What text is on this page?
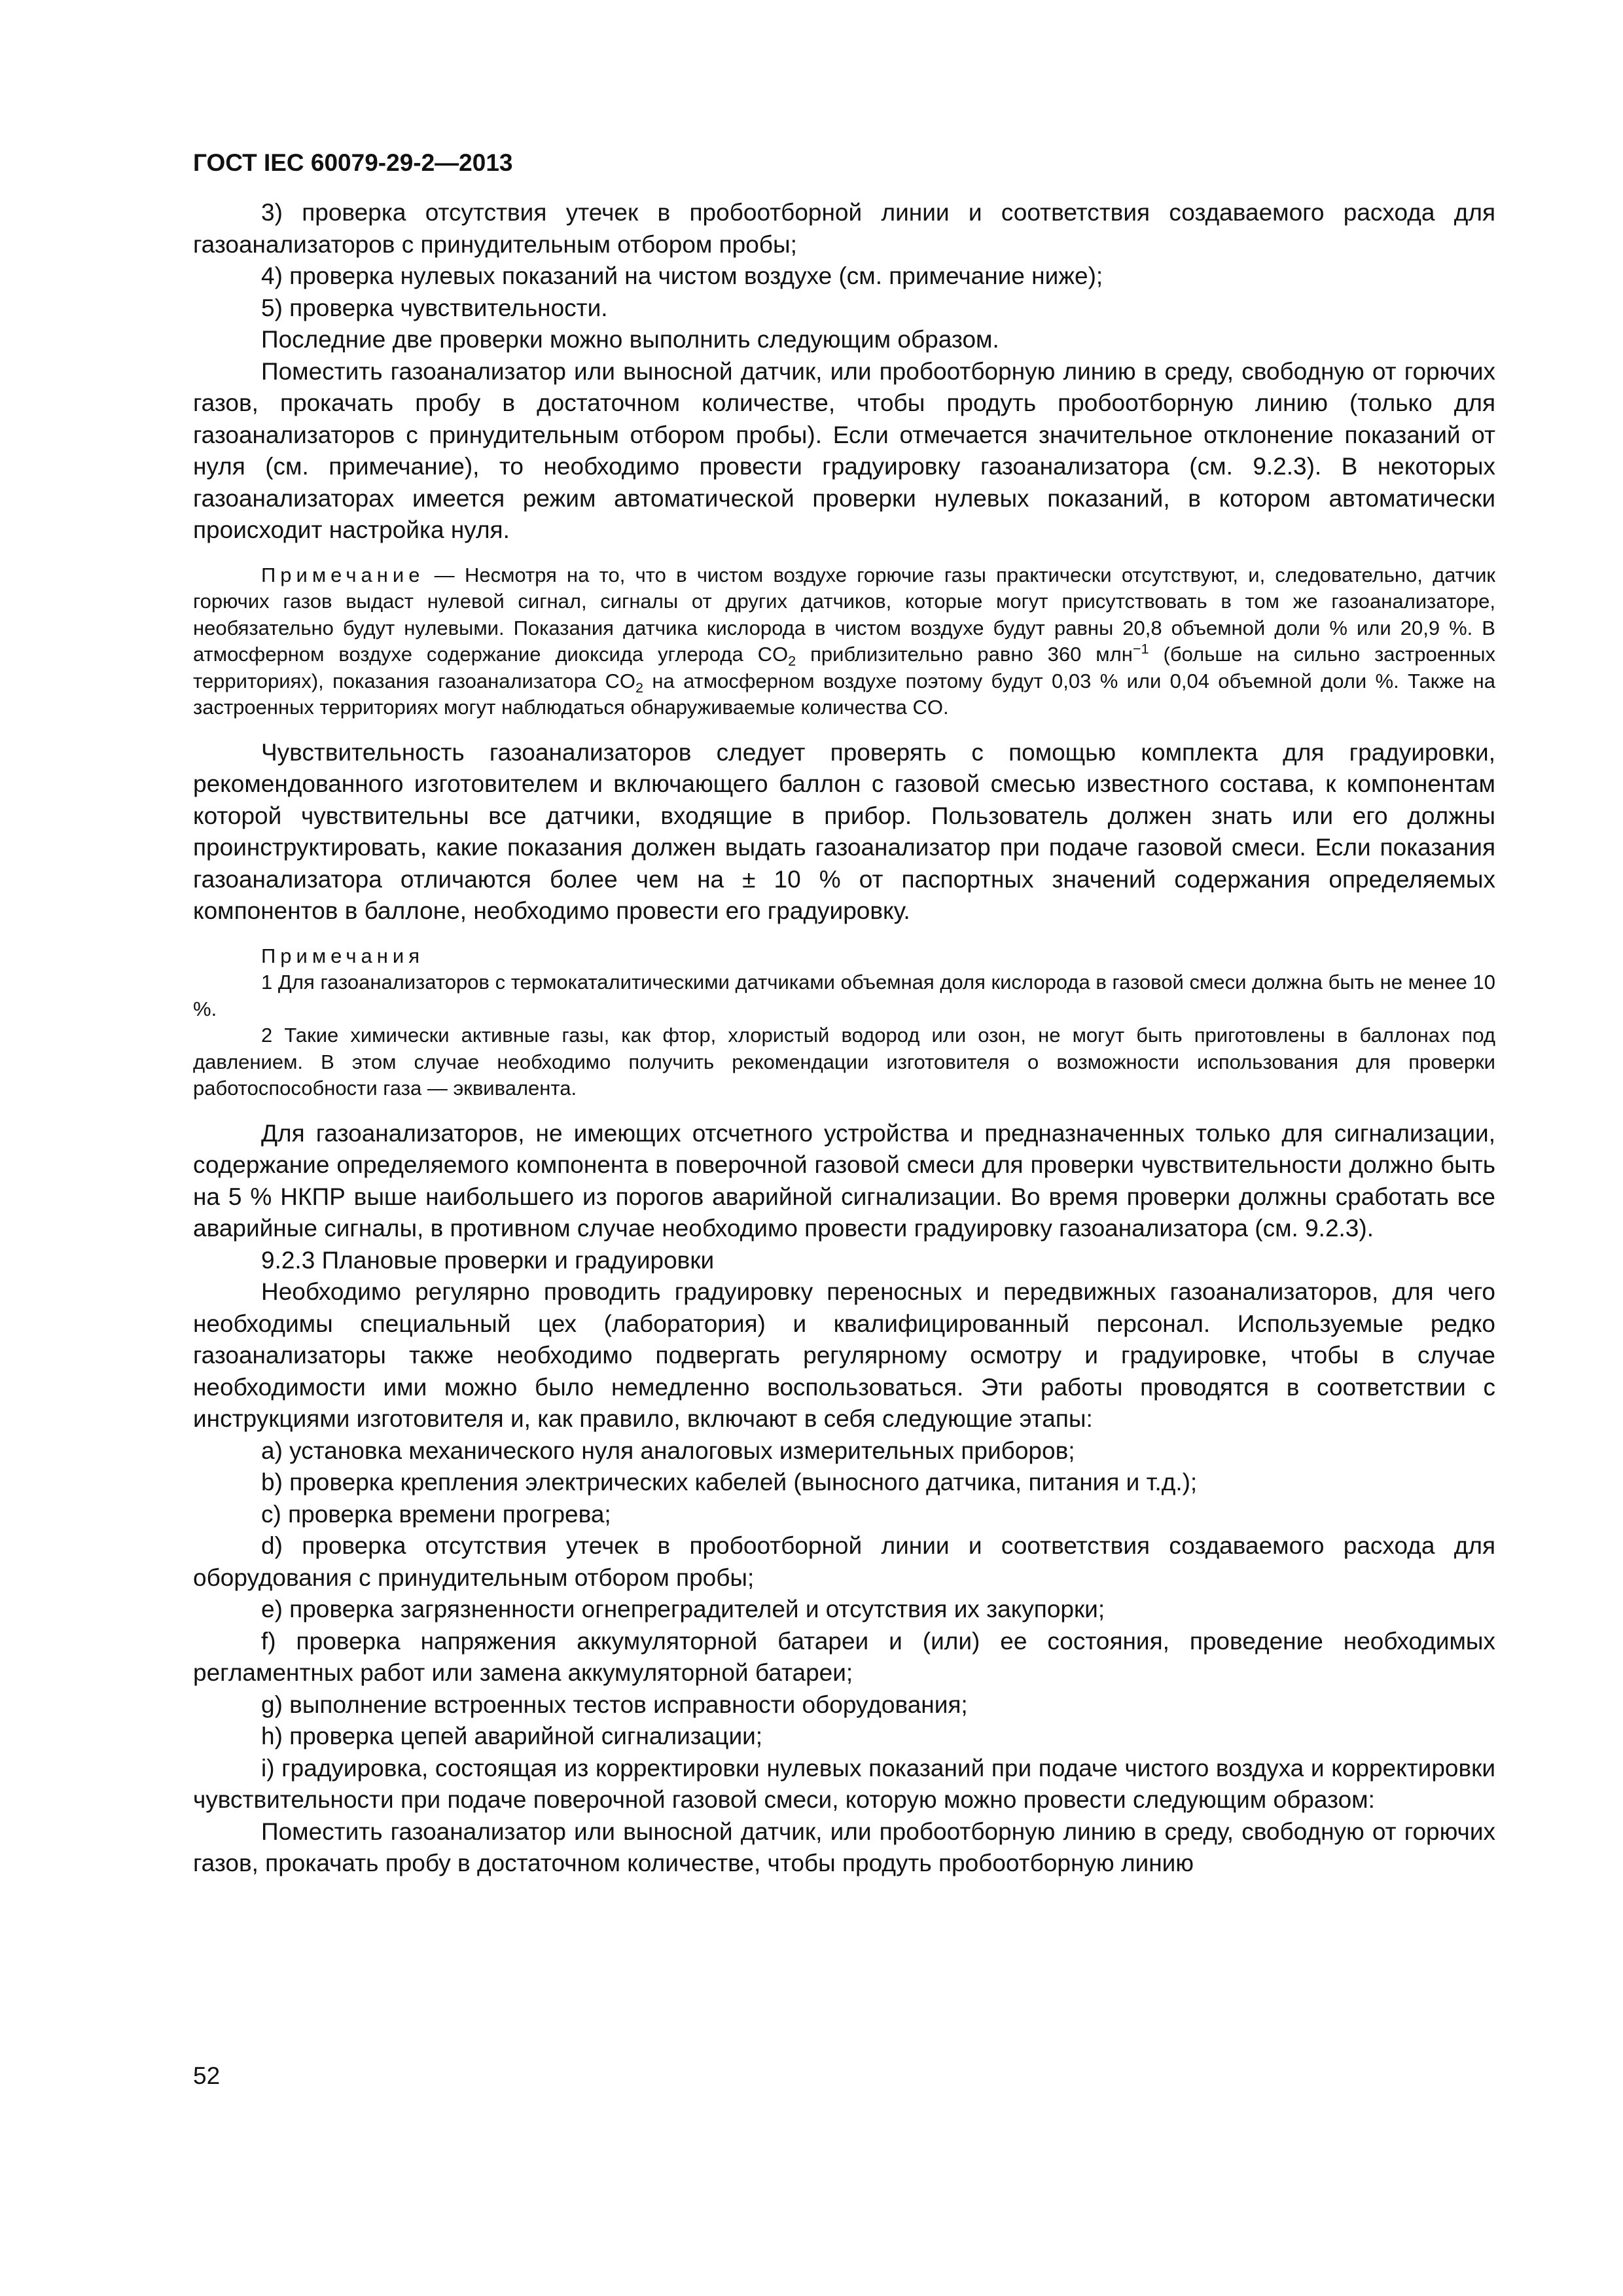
ГОСТ IEC 60079-29-2—2013

3) проверка отсутствия утечек в пробоотборной линии и соответствия создаваемого расхода для газоанализаторов с принудительным отбором пробы;

4) проверка нулевых показаний на чистом воздухе (см. примечание ниже);

5) проверка чувствительности.

Последние две проверки можно выполнить следующим образом.

Поместить газоанализатор или выносной датчик, или пробоотборную линию в среду, свободную от горючих газов, прокачать пробу в достаточном количестве, чтобы продуть пробоотборную линию (только для газоанализаторов с принудительным отбором пробы). Если отмечается значительное отклонение показаний от нуля (см. примечание), то необходимо провести градуировку газоанализатора (см. 9.2.3). В некоторых газоанализаторах имеется режим автоматической проверки нулевых показаний, в котором автоматически происходит настройка нуля.

Примечание — Несмотря на то, что в чистом воздухе горючие газы практически отсутствуют, и, следовательно, датчик горючих газов выдаст нулевой сигнал, сигналы от других датчиков, которые могут присутствовать в том же газоанализаторе, необязательно будут нулевыми. Показания датчика кислорода в чистом воздухе будут равны 20,8 объемной доли % или 20,9 %. В атмосферном воздухе содержание диоксида углерода $CO_2$ приблизительно равно 360 млн$^{-1}$ (больше на сильно застроенных территориях), показания газоанализатора $CO_2$ на атмосферном воздухе поэтому будут 0,03 % или 0,04 объемной доли %. Также на застроенных территориях могут наблюдаться обнаруживаемые количества CO.

Чувствительность газоанализаторов следует проверять с помощью комплекта для градуировки, рекомендованного изготовителем и включающего баллон с газовой смесью известного состава, к компонентам которой чувствительны все датчики, входящие в прибор. Пользователь должен знать или его должны проинструктировать, какие показания должен выдать газоанализатор при подаче газовой смеси. Если показания газоанализатора отличаются более чем на ± 10 % от паспортных значений содержания определяемых компонентов в баллоне, необходимо провести его градуировку.

Примечания

1 Для газоанализаторов с термокаталитическими датчиками объемная доля кислорода в газовой смеси должна быть не менее 10 %.

2 Такие химически активные газы, как фтор, хлористый водород или озон, не могут быть приготовлены в баллонах под давлением. В этом случае необходимо получить рекомендации изготовителя о возможности использования для проверки работоспособности газа — эквивалента.

Для газоанализаторов, не имеющих отсчетного устройства и предназначенных только для сигнализации, содержание определяемого компонента в поверочной газовой смеси для проверки чувствительности должно быть на 5 % НКПР выше наибольшего из порогов аварийной сигнализации. Во время проверки должны сработать все аварийные сигналы, в противном случае необходимо провести градуировку газоанализатора (см. 9.2.3).

9.2.3 Плановые проверки и градуировки

Необходимо регулярно проводить градуировку переносных и передвижных газоанализаторов, для чего необходимы специальный цех (лаборатория) и квалифицированный персонал. Используемые редко газоанализаторы также необходимо подвергать регулярному осмотру и градуировке, чтобы в случае необходимости ими можно было немедленно воспользоваться. Эти работы проводятся в соответствии с инструкциями изготовителя и, как правило, включают в себя следующие этапы:

a) установка механического нуля аналоговых измерительных приборов;

b) проверка крепления электрических кабелей (выносного датчика, питания и т.д.);

c) проверка времени прогрева;

d) проверка отсутствия утечек в пробоотборной линии и соответствия создаваемого расхода для оборудования с принудительным отбором пробы;

e) проверка загрязненности огнепреградителей и отсутствия их закупорки;

f) проверка напряжения аккумуляторной батареи и (или) ее состояния, проведение необходимых регламентных работ или замена аккумуляторной батареи;

g) выполнение встроенных тестов исправности оборудования;

h) проверка цепей аварийной сигнализации;

i) градуировка, состоящая из корректировки нулевых показаний при подаче чистого воздуха и корректировки чувствительности при подаче поверочной газовой смеси, которую можно провести следующим образом:

Поместить газоанализатор или выносной датчик, или пробоотборную линию в среду, свободную от горючих газов, прокачать пробу в достаточном количестве, чтобы продуть пробоотборную линию

52
